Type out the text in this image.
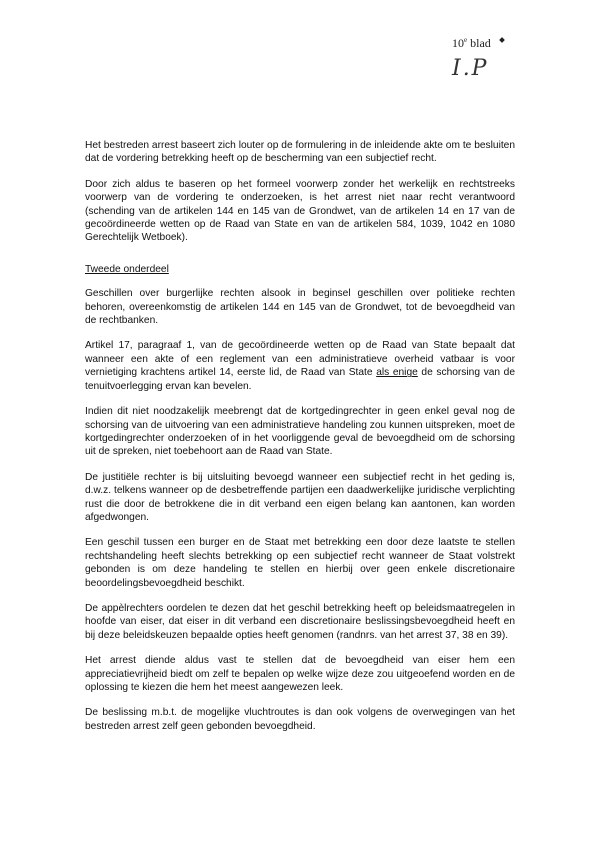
10e blad
I.P

Het bestreden arrest baseert zich louter op de formulering in de inleidende akte om te besluiten dat de vordering betrekking heeft op de bescherming van een subjectief recht.

Door zich aldus te baseren op het formeel voorwerp zonder het werkelijk en rechtstreeks voorwerp van de vordering te onderzoeken, is het arrest niet naar recht verantwoord (schending van de artikelen 144 en 145 van de Grondwet, van de artikelen 14 en 17 van de gecoördineerde wetten op de Raad van State en van de artikelen 584, 1039, 1042 en 1080 Gerechtelijk Wetboek).

Tweede onderdeel

Geschillen over burgerlijke rechten alsook in beginsel geschillen over politieke rechten behoren, overeenkomstig de artikelen 144 en 145 van de Grondwet, tot de bevoegdheid van de rechtbanken.

Artikel 17, paragraaf 1, van de gecoördineerde wetten op de Raad van State bepaalt dat wanneer een akte of een reglement van een administratieve overheid vatbaar is voor vernietiging krachtens artikel 14, eerste lid, de Raad van State als enige de schorsing van de tenuitvoerlegging ervan kan bevelen.

Indien dit niet noodzakelijk meebrengt dat de kortgedingrechter in geen enkel geval nog de schorsing van de uitvoering van een administratieve handeling zou kunnen uitspreken, moet de kortgedingrechter onderzoeken of in het voorliggende geval de bevoegdheid om de schorsing uit de spreken, niet toebehoort aan de Raad van State.

De justitiële rechter is bij uitsluiting bevoegd wanneer een subjectief recht in het geding is, d.w.z. telkens wanneer op de desbetreffende partijen een daadwerkelijke juridische verplichting rust die door de betrokkene die in dit verband een eigen belang kan aantonen, kan worden afgedwongen.

Een geschil tussen een burger en de Staat met betrekking een door deze laatste te stellen rechtshandeling heeft slechts betrekking op een subjectief recht wanneer de Staat volstrekt gebonden is om deze handeling te stellen en hierbij over geen enkele discretionaire beoordelingsbevoegdheid beschikt.

De appèlrechters oordelen te dezen dat het geschil betrekking heeft op beleidsmaatregelen in hoofde van eiser, dat eiser in dit verband een discretionaire beslissingsbevoegdheid heeft en bij deze beleidskeuzen bepaalde opties heeft genomen (randnrs. van het arrest 37, 38 en 39).

Het arrest diende aldus vast te stellen dat de bevoegdheid van eiser hem een appreciatievrijheid biedt om zelf te bepalen op welke wijze deze zou uitgeoefend worden en de oplossing te kiezen die hem het meest aangewezen leek.

De beslissing m.b.t. de mogelijke vluchtroutes is dan ook volgens de overwegingen van het bestreden arrest zelf geen gebonden bevoegdheid.
